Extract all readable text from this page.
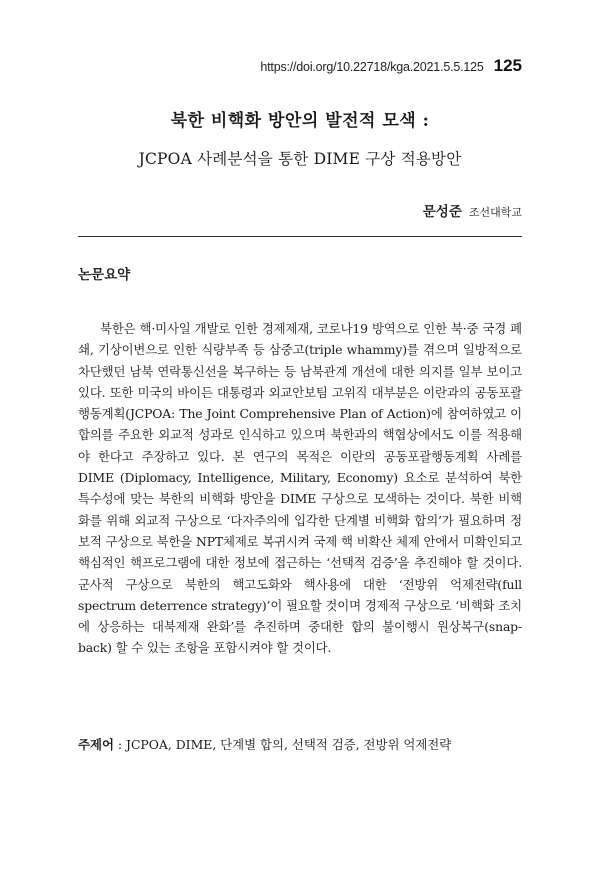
https://doi.org/10.22718/kga.2021.5.5.125 125
북한 비핵화 방안의 발전적 모색 :
JCPOA 사례분석을 통한 DIME 구상 적용방안
문성준 조선대학교
논문요약

북한은 핵·미사일 개발로 인한 경제제재, 코로나19 방역으로 인한 북·중 국경 폐쇄, 기상이변으로 인한 식량부족 등 삼중고(triple whammy)를 겪으며 일방적으로 차단했던 남북 연락통신선을 복구하는 등 남북관계 개선에 대한 의지를 일부 보이고 있다. 또한 미국의 바이든 대통령과 외교안보팀 고위직 대부분은 이란과의 공동포괄행동계획(JCPOA: The Joint Comprehensive Plan of Action)에 참여하였고 이 합의를 주요한 외교적 성과로 인식하고 있으며 북한과의 핵협상에서도 이를 적용해야 한다고 주장하고 있다. 본 연구의 목적은 이란의 공동포괄행동계획 사례를 DIME (Diplomacy, Intelligence, Military, Economy) 요소로 분석하여 북한 특수성에 맞는 북한의 비핵화 방안을 DIME 구상으로 모색하는 것이다. 북한 비핵화를 위해 외교적 구상으로 ‘다자주의에 입각한 단계별 비핵화 합의’가 필요하며 정보적 구상으로 북한을 NPT체제로 복귀시켜 국제 핵 비확산 체제 안에서 미확인되고 핵심적인 핵프로그램에 대한 정보에 접근하는 ‘선택적 검증’을 추진해야 할 것이다. 군사적 구상으로 북한의 핵고도화와 핵사용에 대한 ‘전방위 억제전략(full spectrum deterrence strategy)’이 필요할 것이며 경제적 구상으로 ‘비핵화 조치에 상응하는 대북제재 완화’를 추진하며 중대한 합의 불이행시 원상복구(snap-back) 할 수 있는 조항을 포함시켜야 할 것이다.

주제어 : JCPOA, DIME, 단계별 합의, 선택적 검증, 전방위 억제전략
